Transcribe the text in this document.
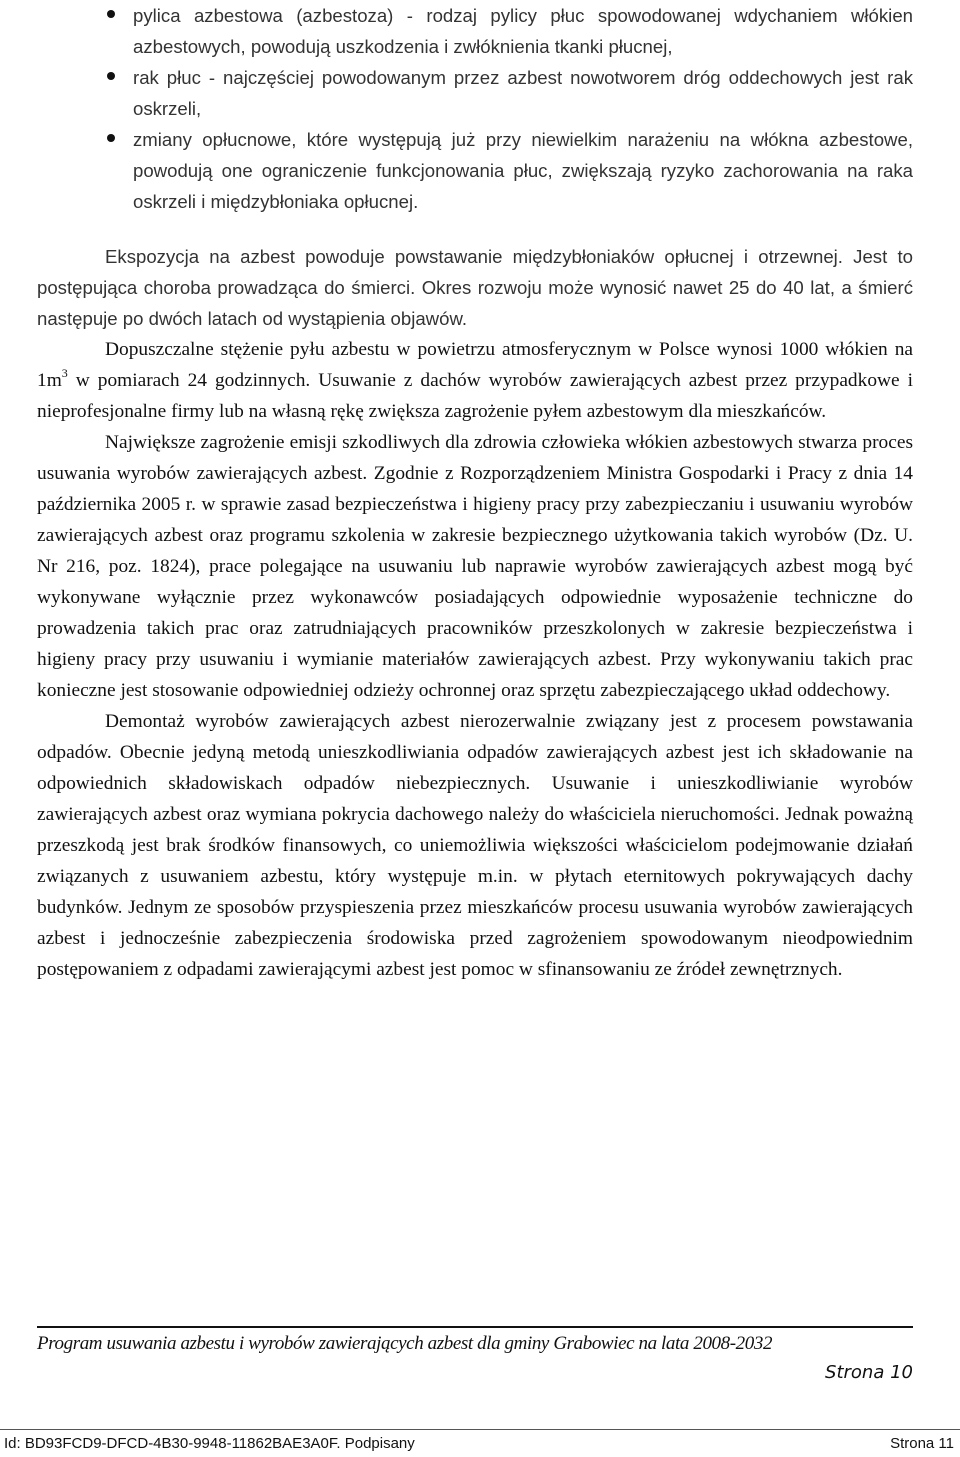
pylica azbestowa (azbestoza) - rodzaj pylicy płuc spowodowanej wdychaniem włókien azbestowych, powodują uszkodzenia i zwłóknienia tkanki płucnej,
rak płuc - najczęściej powodowanym przez azbest nowotworem dróg oddechowych jest rak oskrzeli,
zmiany opłucnowe, które występują już przy niewielkim narażeniu na włókna azbestowe, powodują one ograniczenie funkcjonowania płuc, zwiększają ryzyko zachorowania na raka oskrzeli i międzybłoniaka opłucnej.

Ekspozycja na azbest powoduje powstawanie międzybłoniaków opłucnej i otrzewnej. Jest to postępująca choroba prowadząca do śmierci. Okres rozwoju może wynosić nawet 25 do 40 lat, a śmierć następuje po dwóch latach od wystąpienia objawów.

Dopuszczalne stężenie pyłu azbestu w powietrzu atmosferycznym w Polsce wynosi 1000 włókien na $1m^3$ w pomiarach 24 godzinnych. Usuwanie z dachów wyrobów zawierających azbest przez przypadkowe i nieprofesjonalne firmy lub na własną rękę zwiększa zagrożenie pyłem azbestowym dla mieszkańców.

Największe zagrożenie emisji szkodliwych dla zdrowia człowieka włókien azbestowych stwarza proces usuwania wyrobów zawierających azbest. Zgodnie z Rozporządzeniem Ministra Gospodarki i Pracy z dnia 14 października 2005 r. w sprawie zasad bezpieczeństwa i higieny pracy przy zabezpieczaniu i usuwaniu wyrobów zawierających azbest oraz programu szkolenia w zakresie bezpiecznego użytkowania takich wyrobów (Dz. U. Nr 216, poz. 1824), prace polegające na usuwaniu lub naprawie wyrobów zawierających azbest mogą być wykonywane wyłącznie przez wykonawców posiadających odpowiednie wyposażenie techniczne do prowadzenia takich prac oraz zatrudniających pracowników przeszkolonych w zakresie bezpieczeństwa i higieny pracy przy usuwaniu i wymianie materiałów zawierających azbest. Przy wykonywaniu takich prac konieczne jest stosowanie odpowiedniej odzieży ochronnej oraz sprzętu zabezpieczającego układ oddechowy.

Demontaż wyrobów zawierających azbest nierozerwalnie związany jest z procesem powstawania odpadów. Obecnie jedyną metodą unieszkodliwiania odpadów zawierających azbest jest ich składowanie na odpowiednich składowiskach odpadów niebezpiecznych. Usuwanie i unieszkodliwianie wyrobów zawierających azbest oraz wymiana pokrycia dachowego należy do właściciela nieruchomości. Jednak poważną przeszkodą jest brak środków finansowych, co uniemożliwia większości właścicielom podejmowanie działań związanych z usuwaniem azbestu, który występuje m.in. w płytach eternitowych pokrywających dachy budynków. Jednym ze sposobów przyspieszenia przez mieszkańców procesu usuwania wyrobów zawierających azbest i jednocześnie zabezpieczenia środowiska przed zagrożeniem spowodowanym nieodpowiednim postępowaniem z odpadami zawierającymi azbest jest pomoc w sfinansowaniu ze źródeł zewnętrznych.

Program usuwania azbestu i wyrobów zawierających azbest dla gminy Grabowiec na lata 2008-2032
Strona 10
Id: BD93FCD9-DFCD-4B30-9948-11862BAE3A0F. Podpisany	Strona 11
